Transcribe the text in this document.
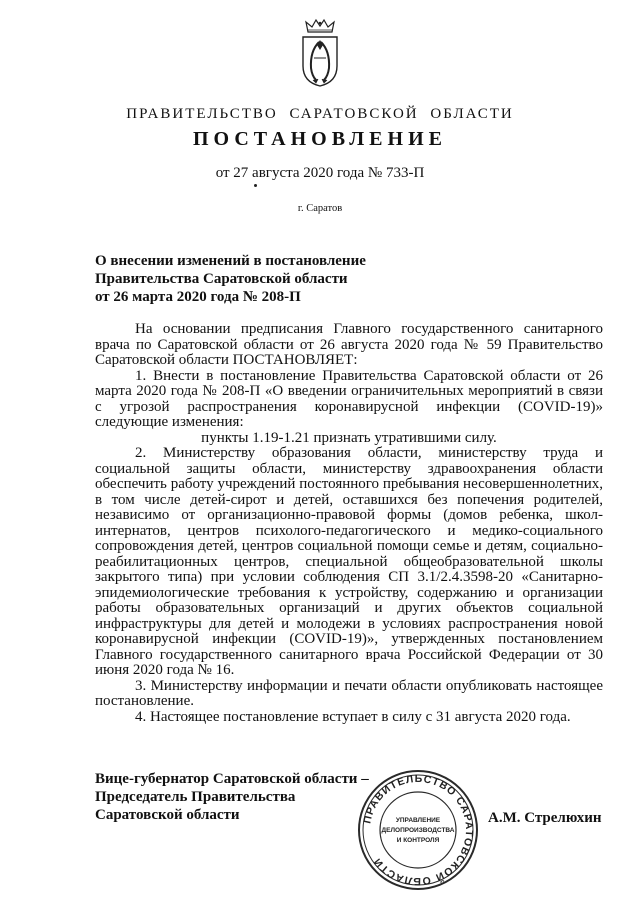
ПРАВИТЕЛЬСТВО САРАТОВСКОЙ ОБЛАСТИ
ПОСТАНОВЛЕНИЕ
от 27 августа 2020 года № 733-П
г. Саратов
О внесении изменений в постановление
Правительства Саратовской области
от 26 марта 2020 года № 208-П

На основании предписания Главного государственного санитарного врача по Саратовской области от 26 августа 2020 года № 59 Правительство Саратовской области ПОСТАНОВЛЯЕТ:

1. Внести в постановление Правительства Саратовской области от 26 марта 2020 года № 208-П «О введении ограничительных мероприятий в связи с угрозой распространения коронавирусной инфекции (COVID-19)» следующие изменения:

пункты 1.19-1.21 признать утратившими силу.

2. Министерству образования области, министерству труда и социальной защиты области, министерству здравоохранения области обеспечить работу учреждений постоянного пребывания несовершеннолетних, в том числе детей-сирот и детей, оставшихся без попечения родителей, независимо от организационно-правовой формы (домов ребенка, школ-интернатов, центров психолого-педагогического и медико-социального сопровождения детей, центров социальной помощи семье и детям, социально-реабилитационных центров, специальной общеобразовательной школы закрытого типа) при условии соблюдения СП 3.1/2.4.3598-20 «Санитарно-эпидемиологические требования к устройству, содержанию и организации работы образовательных организаций и других объектов социальной инфраструктуры для детей и молодежи в условиях распространения новой коронавирусной инфекции (COVID-19)», утвержденных постановлением Главного государственного санитарного врача Российской Федерации от 30 июня 2020 года № 16.

3. Министерству информации и печати области опубликовать настоящее постановление.

4. Настоящее постановление вступает в силу с 31 августа 2020 года.

Вице-губернатор Саратовской области –
Председатель Правительства
Саратовской области	ПРАВИТЕЛЬСТВО САРАТОВСКОЙ ОБЛАСТИ
УПРАВЛЕНИЕ
ДЕЛОПРОИЗВОДСТВА
И КОНТРОЛЯ
А.М. Стрелюхин
